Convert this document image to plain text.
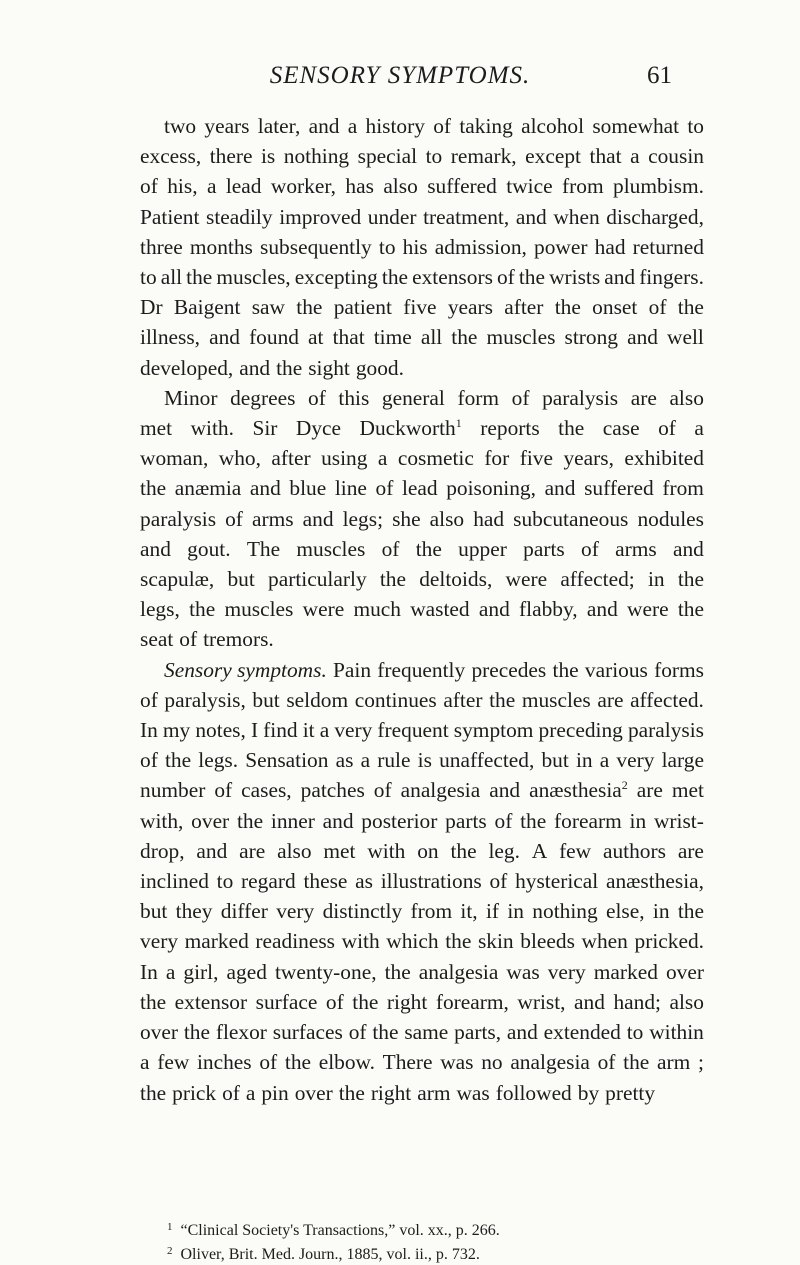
SENSORY SYMPTOMS.	61
two years later, and a history of taking alcohol somewhat to
excess, there is nothing special to remark, except that a cousin
of his, a lead worker, has also suffered twice from plumbism.
Patient steadily improved under treatment, and when discharged,
three months subsequently to his admission, power had returned
to all the muscles, excepting the extensors of the wrists and fingers.
Dr Baigent saw the patient five years after the onset of the
illness, and found at that time all the muscles strong and well
developed, and the sight good.
Minor degrees of this general form of paralysis are also
met with. Sir Dyce Duckworth$^1$ reports the case of a
woman, who, after using a cosmetic for five years, exhibited
the anæmia and blue line of lead poisoning, and suffered from
paralysis of arms and legs; she also had subcutaneous nodules
and gout. The muscles of the upper parts of arms and
scapulæ, but particularly the deltoids, were affected; in the
legs, the muscles were much wasted and flabby, and were the
seat of tremors.
Sensory symptoms. Pain frequently precedes the various forms
of paralysis, but seldom continues after the muscles are affected.
In my notes, I find it a very frequent symptom preceding paralysis
of the legs. Sensation as a rule is unaffected, but in a very large
number of cases, patches of analgesia and anæsthesia$^2$ are met
with, over the inner and posterior parts of the forearm in wrist-
drop, and are also met with on the leg. A few authors are
inclined to regard these as illustrations of hysterical anæsthesia,
but they differ very distinctly from it, if in nothing else, in the
very marked readiness with which the skin bleeds when pricked.
In a girl, aged twenty-one, the analgesia was very marked over
the extensor surface of the right forearm, wrist, and hand; also
over the flexor surfaces of the same parts, and extended to within
a few inches of the elbow. There was no analgesia of the arm ;
the prick of a pin over the right arm was followed by pretty
$^1$ “Clinical Society's Transactions,” vol. xx., p. 266.
$^2$ Oliver, Brit. Med. Journ., 1885, vol. ii., p. 732.
